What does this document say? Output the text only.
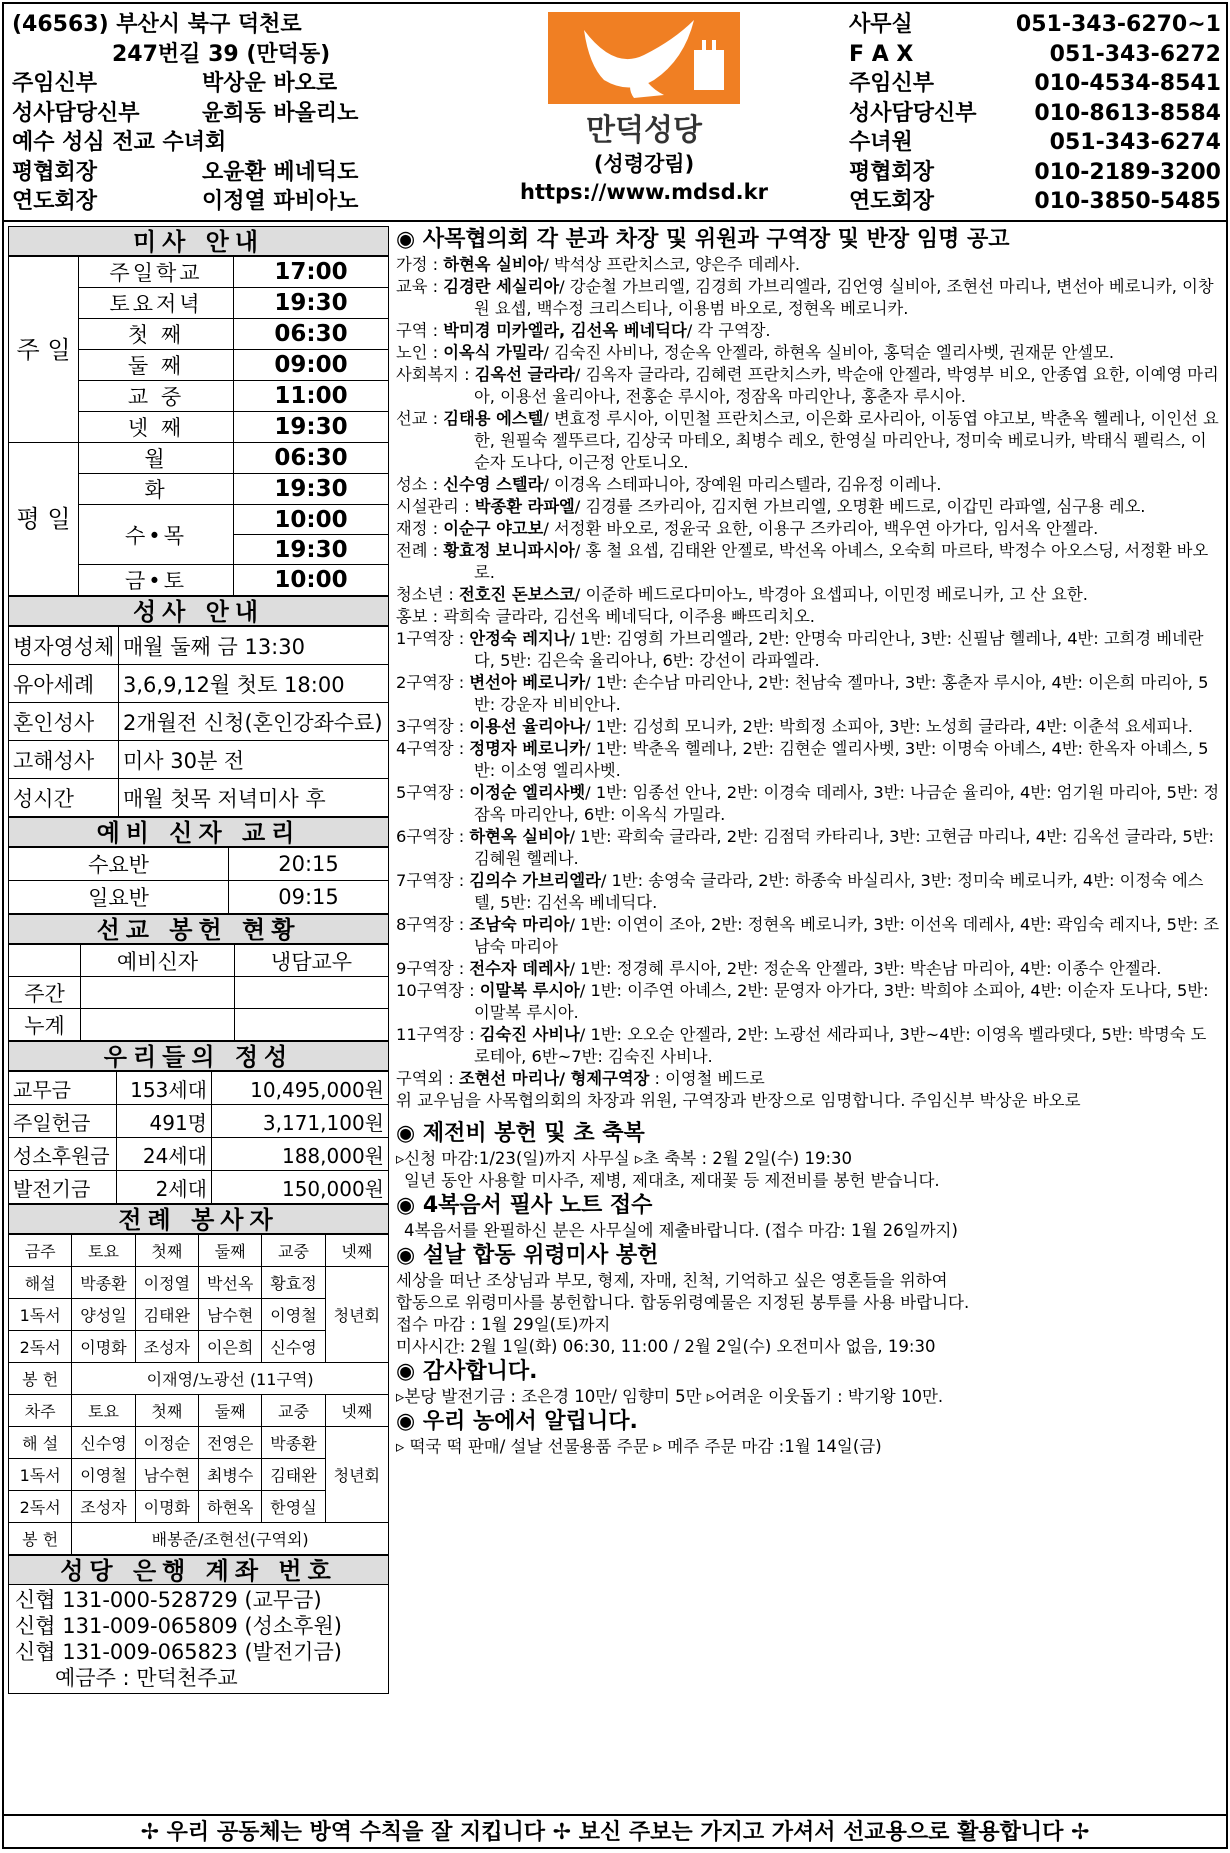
(46563) 부산시 북구 덕천로
247번길 39 (만덕동)
주임신부	박상운 바오로
성사담당신부	윤희동 바올리노
예수 성심 전교 수녀회
평협회장	오윤환 베네딕도
연도회장	이정열 파비아노
만덕성당
(성령강림)
https://www.mdsd.kr
사무실	051-343-6270~1
F A X	051-343-6272
주임신부	010-4534-8541
성사담당신부	010-8613-8584
수녀원	051-343-6274
평협회장	010-2189-3200
연도회장	010-3850-5485
미사 안내
주 일	주일학교	17:00
	토요저녁	19:30
	첫 째	06:30
	둘 째	09:00
	교 중	11:00
	넷 째	19:30
평 일	월	06:30
	화	19:30
	수•목	10:00
		19:30
	금•토	10:00
성사 안내
병자영성체	매월 둘째 금 13:30
유아세례	3,6,9,12월 첫토 18:00
혼인성사	2개월전 신청(혼인강좌수료)
고해성사	미사 30분 전
성시간	매월 첫목 저녁미사 후
예비 신자 교리
수요반	20:15
일요반	09:15
선교 봉헌 현황
	예비신자	냉담교우
주간		
누계		
우리들의 정성
교무금	153세대	10,495,000원
주일헌금	491명	3,171,100원
성소후원금	24세대	188,000원
발전기금	2세대	150,000원
전례 봉사자
금주	토요	첫째	둘째	교중	넷째
해설	박종환	이정열	박선옥	황효정	청년회
1독서	양성일	김태완	남수현	이영철	
2독서	이명화	조성자	이은희	신수영	
봉 헌	이재영/노광선 (11구역)				
차주	토요	첫째	둘째	교중	넷째
해 설	신수영	이정순	전영은	박종환	청년회
1독서	이영철	남수현	최병수	김태완	
2독서	조성자	이명화	하현옥	한영실	
봉 헌	배봉준/조현선(구역외)				
성당 은행 계좌 번호
신협 131-000-528729 (교무금)
신협 131-009-065809 (성소후원)
신협 131-009-065823 (발전기금)
예금주 : 만덕천주교
◉ 사목협의회 각 분과 차장 및 위원과 구역장 및 반장 임명 공고
가정 : 하현옥 실비아/ 박석상 프란치스코, 양은주 데레사.
교육 : 김경란 세실리아/ 강순철 가브리엘, 김경희 가브리엘라, 김언영 실비아, 조현선 마리나, 변선아 베로니카, 이창원 요셉, 백수정 크리스티나, 이용범 바오로, 정현옥 베로니카.
구역 : 박미경 미카엘라, 김선옥 베네딕다/ 각 구역장.
노인 : 이옥식 가밀라/ 김숙진 사비나, 정순옥 안젤라, 하현옥 실비아, 홍덕순 엘리사벳, 권재문 안셀모.
사회복지 : 김옥선 글라라/ 김옥자 글라라, 김혜련 프란치스카, 박순애 안젤라, 박영부 비오, 안종엽 요한, 이예영 마리아, 이용선 율리아나, 전홍순 루시아, 정잠옥 마리안나, 홍춘자 루시아.
선교 : 김태용 에스텔/ 변효정 루시아, 이민철 프란치스코, 이은화 로사리아, 이동엽 야고보, 박춘옥 헬레나, 이인선 요한, 원필숙 젤뚜르다, 김상국 마테오, 최병수 레오, 한영실 마리안나, 정미숙 베로니카, 박태식 펠릭스, 이순자 도나다, 이근정 안토니오.
성소 : 신수영 스텔라/ 이경옥 스테파니아, 장예원 마리스텔라, 김유정 이레나.
시설관리 : 박종환 라파엘/ 김경률 즈카리아, 김지현 가브리엘, 오명환 베드로, 이갑민 라파엘, 심구용 레오.
재정 : 이순구 야고보/ 서정환 바오로, 정윤국 요한, 이용구 즈카리아, 백우연 아가다, 임서옥 안젤라.
전례 : 황효정 보니파시아/ 홍 철 요셉, 김태완 안젤로, 박선옥 아녜스, 오숙희 마르타, 박정수 아오스딩, 서정환 바오로.
청소년 : 전호진 돈보스코/ 이준하 베드로다미아노, 박경아 요셉피나, 이민정 베로니카, 고 산 요한.
홍보 : 곽희숙 글라라, 김선옥 베네딕다, 이주용 빠뜨리치오.
1구역장 : 안정숙 레지나/ 1반: 김영희 가브리엘라, 2반: 안명숙 마리안나, 3반: 신필남 헬레나, 4반: 고희경 베네란다, 5반: 김은숙 율리아나, 6반: 강선이 라파엘라.
2구역장 : 변선아 베로니카/ 1반: 손수남 마리안나, 2반: 천남숙 젤마나, 3반: 홍춘자 루시아, 4반: 이은희 마리아, 5반: 강운자 비비안나.
3구역장 : 이용선 율리아나/ 1반: 김성희 모니카, 2반: 박희정 소피아, 3반: 노성희 글라라, 4반: 이춘석 요세피나.
4구역장 : 정명자 베로니카/ 1반: 박춘옥 헬레나, 2반: 김현순 엘리사벳, 3반: 이명숙 아녜스, 4반: 한옥자 아녜스, 5반: 이소영 엘리사벳.
5구역장 : 이정순 엘리사벳/ 1반: 임종선 안나, 2반: 이경숙 데레사, 3반: 나금순 율리아, 4반: 엄기원 마리아, 5반: 정잠옥 마리안나, 6반: 이옥식 가밀라.
6구역장 : 하현옥 실비아/ 1반: 곽희숙 글라라, 2반: 김점덕 카타리나, 3반: 고현금 마리나, 4반: 김옥선 글라라, 5반: 김혜원 헬레나.
7구역장 : 김의수 가브리엘라/ 1반: 송영숙 글라라, 2반: 하종숙 바실리사, 3반: 정미숙 베로니카, 4반: 이정숙 에스텔, 5반: 김선옥 베네딕다.
8구역장 : 조남숙 마리아/ 1반: 이연이 조아, 2반: 정현옥 베로니카, 3반: 이선옥 데레사, 4반: 곽임숙 레지나, 5반: 조남숙 마리아
9구역장 : 전수자 데레사/ 1반: 정경혜 루시아, 2반: 정순옥 안젤라, 3반: 박손남 마리아, 4반: 이종수 안젤라.
10구역장 : 이말복 루시아/ 1반: 이주연 아녜스, 2반: 문영자 아가다, 3반: 박희야 소피아, 4반: 이순자 도나다, 5반: 이말복 루시아.
11구역장 : 김숙진 사비나/ 1반: 오오순 안젤라, 2반: 노광선 세라피나, 3반~4반: 이영옥 벨라뎃다, 5반: 박명숙 도로테아, 6반~7반: 김숙진 사비나.
구역외 : 조현선 마리나/ 형제구역장 : 이영철 베드로
위 교우님을 사목협의회의 차장과 위원, 구역장과 반장으로 임명합니다. 주임신부 박상운 바오로
◉ 제전비 봉헌 및 초 축복
▹신청 마감:1/23(일)까지 사무실 ▹초 축복 : 2월 2일(수) 19:30
일년 동안 사용할 미사주, 제병, 제대초, 제대꽃 등 제전비를 봉헌 받습니다.
◉ 4복음서 필사 노트 접수
4복음서를 완필하신 분은 사무실에 제출바랍니다. (접수 마감: 1월 26일까지)
◉ 설날 합동 위령미사 봉헌
세상을 떠난 조상님과 부모, 형제, 자매, 친척, 기억하고 싶은 영혼들을 위하여
합동으로 위령미사를 봉헌합니다. 합동위령예물은 지정된 봉투를 사용 바랍니다.
접수 마감 : 1월 29일(토)까지
미사시간: 2월 1일(화) 06:30, 11:00 / 2월 2일(수) 오전미사 없음, 19:30
◉ 감사합니다.
▹본당 발전기금 : 조은경 10만/ 임향미 5만 ▹어려운 이웃돕기 : 박기왕 10만.
◉ 우리 농에서 알립니다.
▹ 떡국 떡 판매/ 설날 선물용품 주문 ▹ 메주 주문 마감 :1월 14일(금)
✢ 우리 공동체는 방역 수칙을 잘 지킵니다 ✢ 보신 주보는 가지고 가셔서 선교용으로 활용합니다 ✢
